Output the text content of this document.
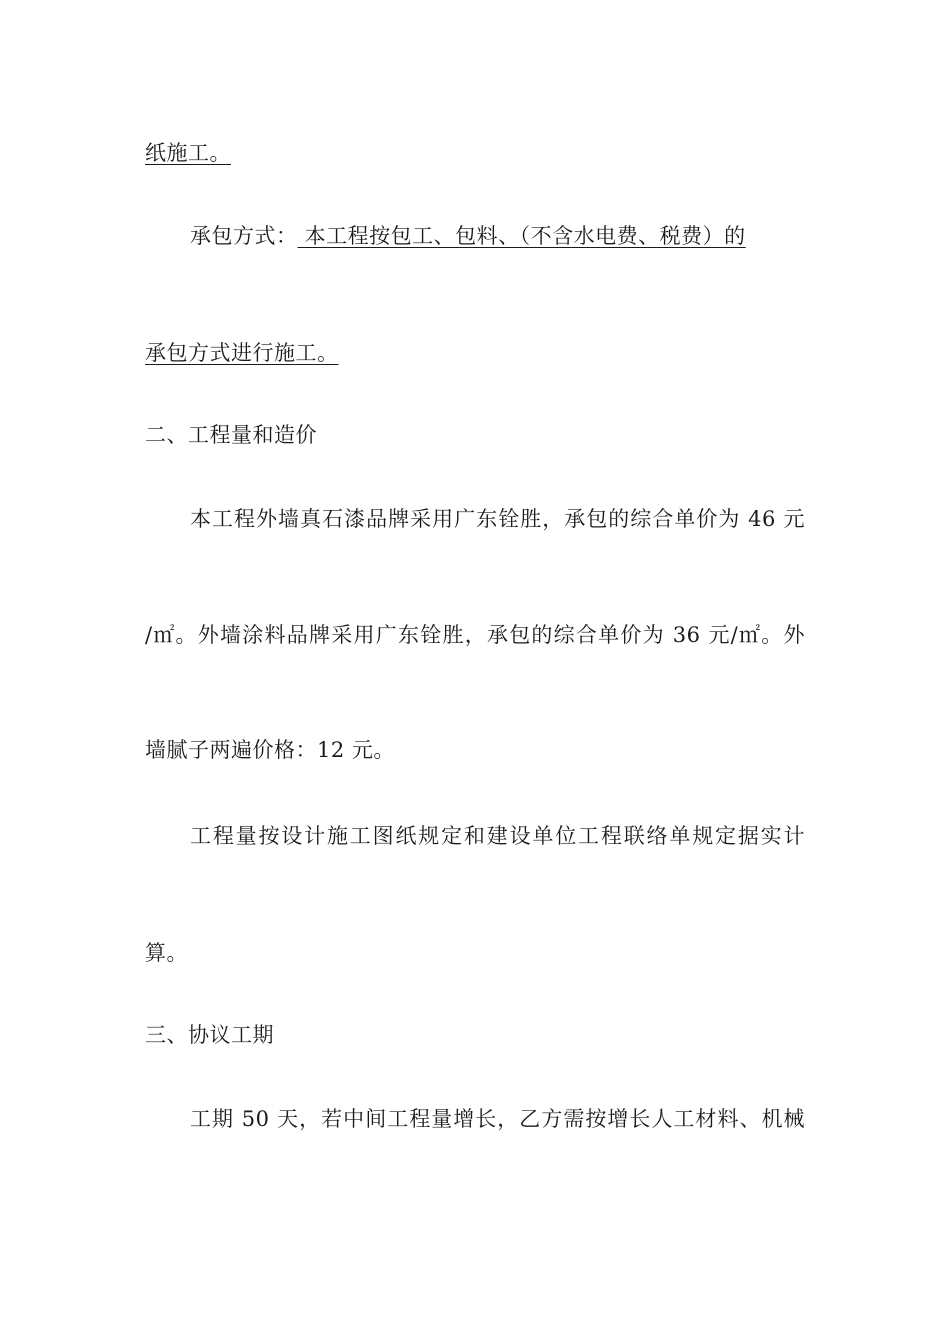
纸施工。
承包方式： 本工程按包工、包料、（不含水电费、税费）的
承包方式进行施工。
二、工程量和造价
本工程外墙真石漆品牌采用广东铨胜，承包的综合单价为 46 元
/㎡。外墙涂料品牌采用广东铨胜，承包的综合单价为 36 元/㎡。外
墙腻子两遍价格：12 元。
工程量按设计施工图纸规定和建设单位工程联络单规定据实计
算。
三、协议工期
工期 50 天，若中间工程量增长，乙方需按增长人工材料、机械
